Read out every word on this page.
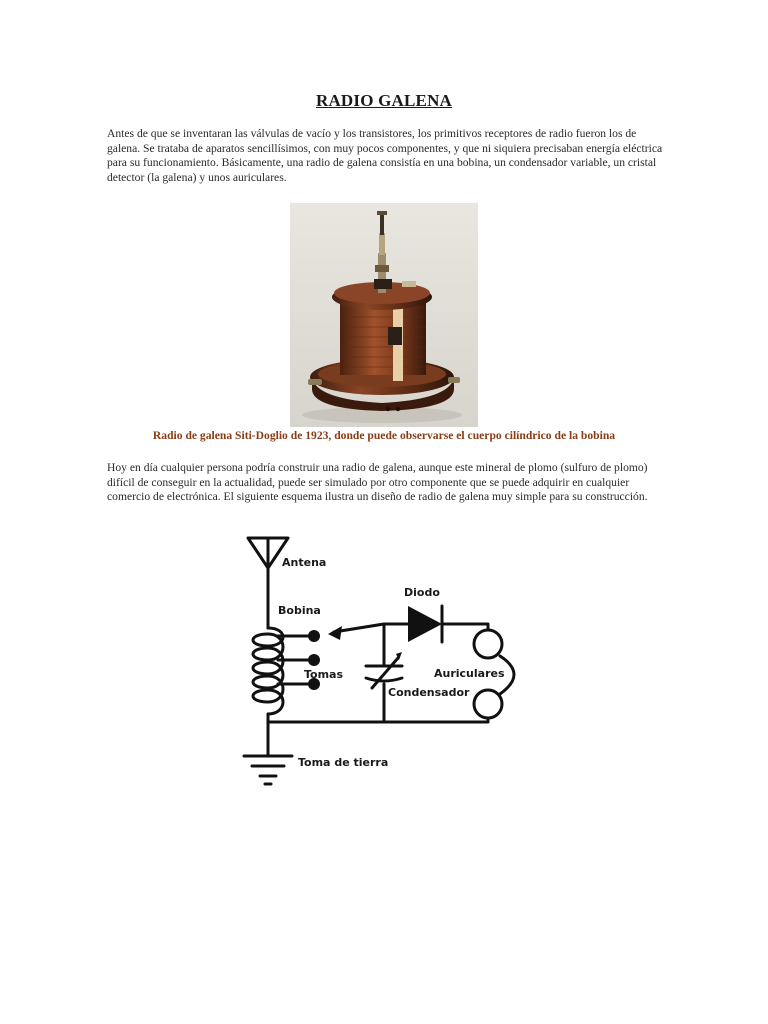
RADIO GALENA
Antes de que se inventaran las válvulas de vacío y los transistores, los primitivos receptores de radio fueron los de galena. Se trataba de aparatos sencillísimos, con muy pocos componentes, y que ni siquiera precisaban energía eléctrica para su funcionamiento. Básicamente, una radio de galena consistía en una bobina, un condensador variable, un cristal detector (la galena) y unos auriculares.
Radio de galena Siti-Doglio de 1923, donde puede observarse el cuerpo cilíndrico de la bobina
Hoy en día cualquier persona podría construir una radio de galena, aunque este mineral de plomo (sulfuro de plomo) difícil de conseguir en la actualidad, puede ser simulado por otro componente que se puede adquirir en cualquier comercio de electrónica. El siguiente esquema ilustra un diseño de radio de galena muy simple para su construcción.
Antena
Bobina
Tomas
Diodo
Condensador
Auriculares
Toma de tierra
